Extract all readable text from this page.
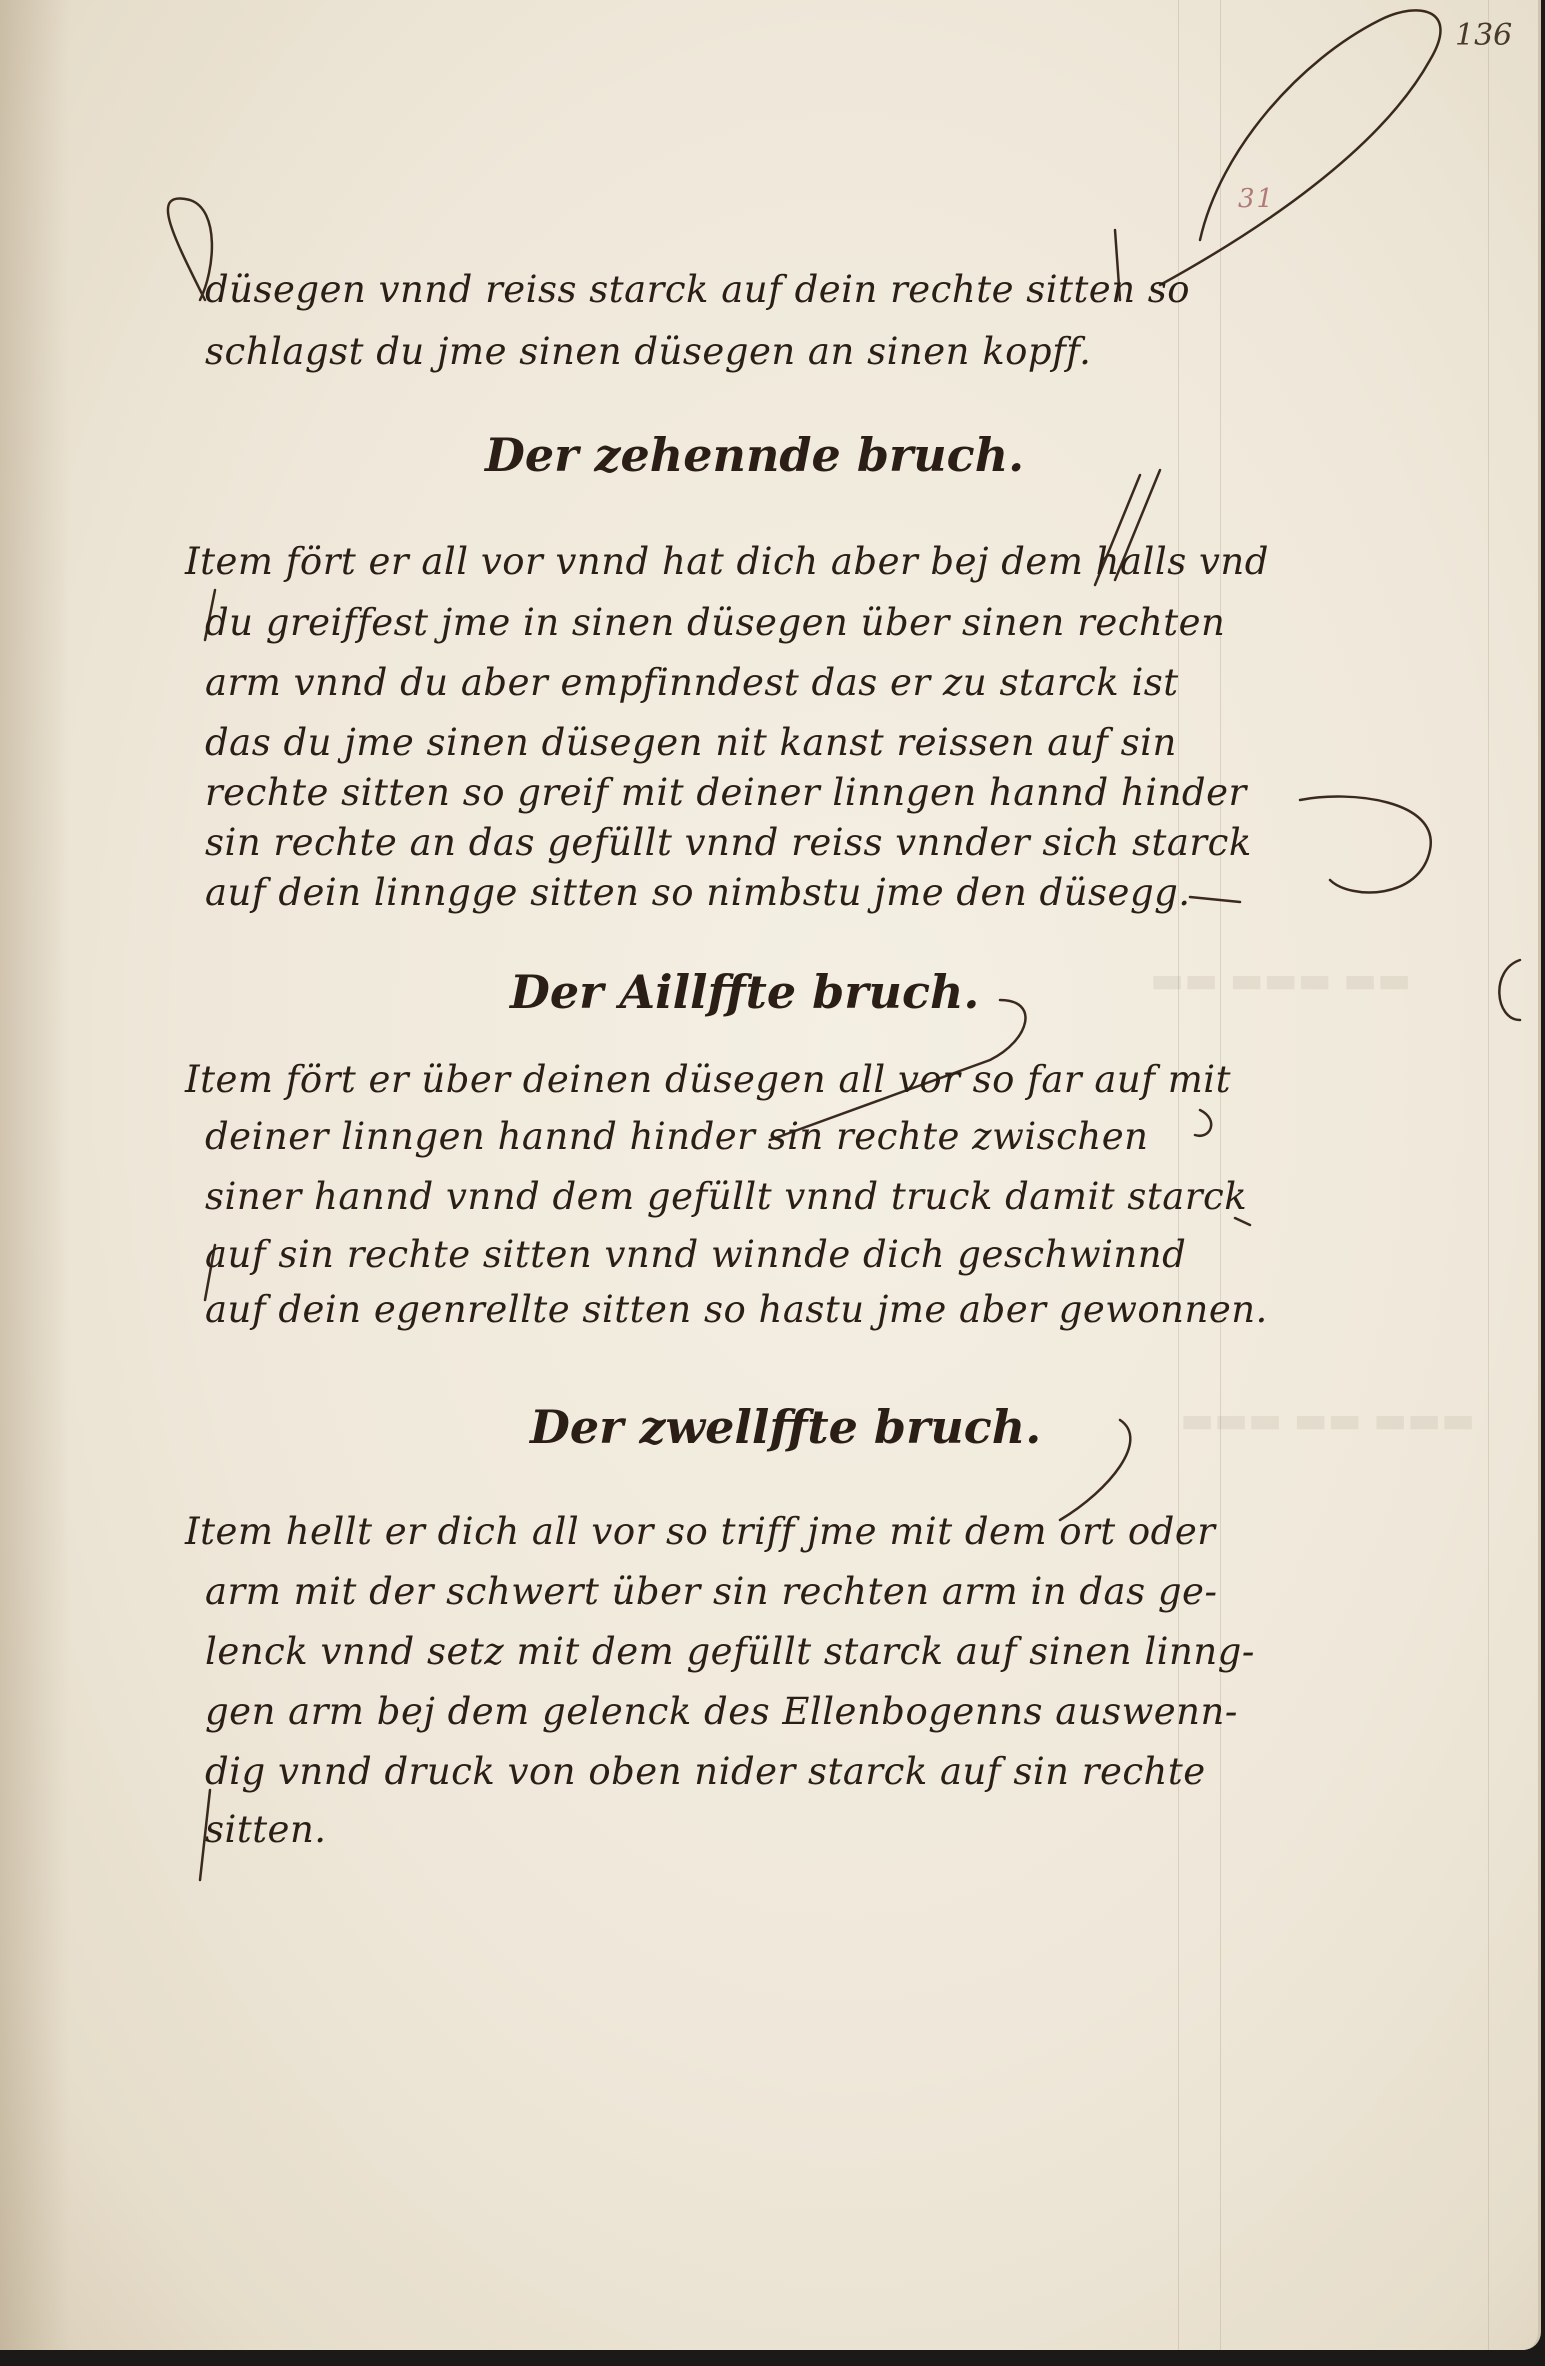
▬▬ ▬▬▬ ▬▬
▬▬▬ ▬▬ ▬▬▬
136
31
düsegen vnnd reiss starck auf dein rechte sitten so
schlagst du jme sinen düsegen an sinen kopff.
Der zehennde bruch.
Item fört er all vor vnnd hat dich aber bej dem halls vnd
du greiffest jme in sinen düsegen über sinen rechten
arm vnnd du aber empfinndest das er zu starck ist
das du jme sinen düsegen nit kanst reissen auf sin
rechte sitten so greif mit deiner linngen hannd hinder
sin rechte an das gefüllt vnnd reiss vnnder sich starck
auf dein linngge sitten so nimbstu jme den düsegg.
Der Aillffte bruch.
Item fört er über deinen düsegen all vor so far auf mit
deiner linngen hannd hinder sin rechte zwischen
siner hannd vnnd dem gefüllt vnnd truck damit starck
auf sin rechte sitten vnnd winnde dich geschwinnd
auf dein egenrellte sitten so hastu jme aber gewonnen.
Der zwellffte bruch.
Item hellt er dich all vor so triff jme mit dem ort oder
arm mit der schwert über sin rechten arm in das ge-
lenck vnnd setz mit dem gefüllt starck auf sinen linng-
gen arm bej dem gelenck des Ellenbogenns auswenn-
dig vnnd druck von oben nider starck auf sin rechte
sitten.
